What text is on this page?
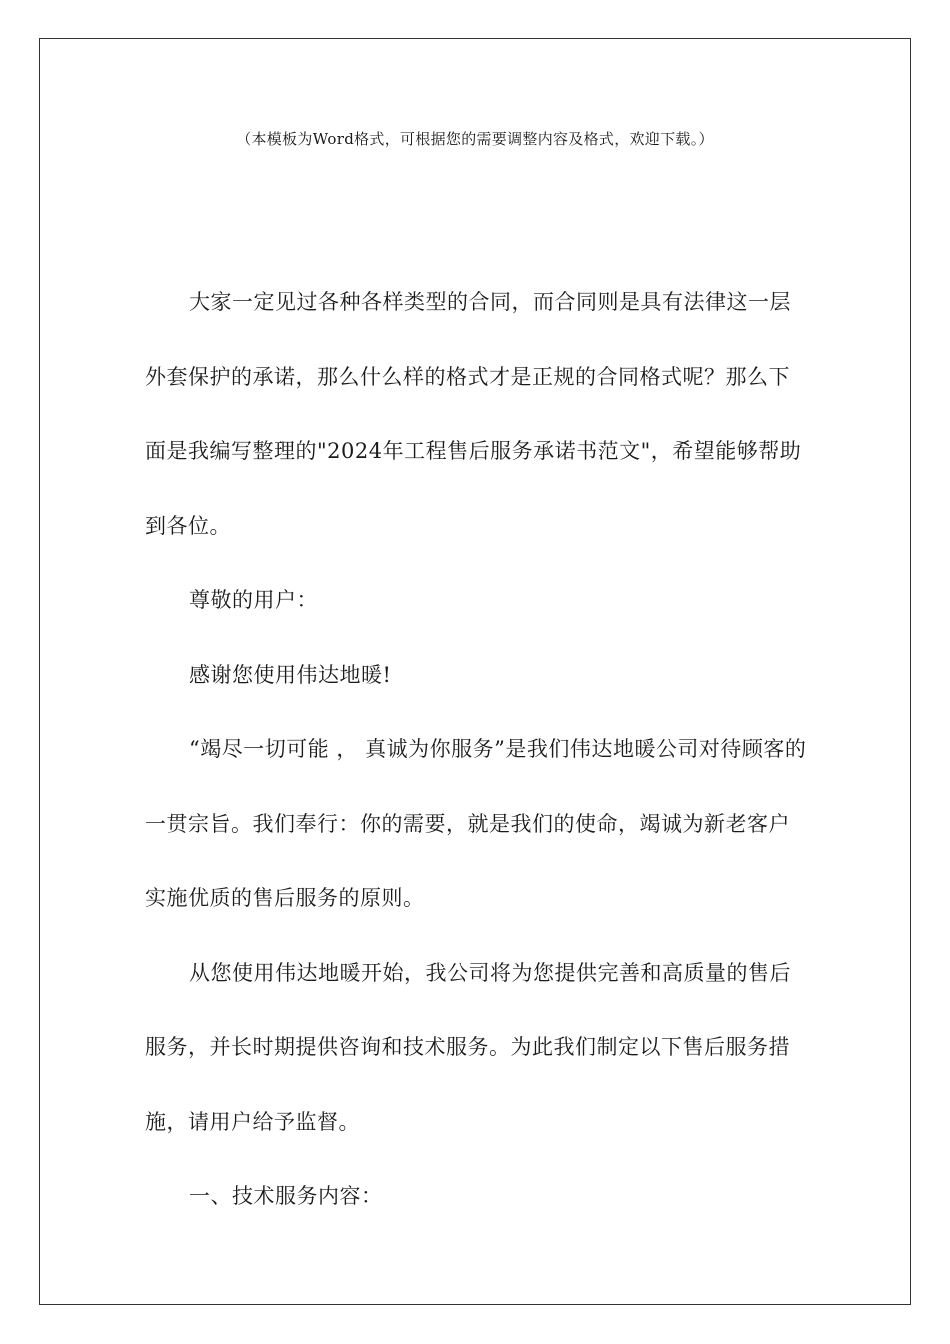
（本模板为Word格式，可根据您的需要调整内容及格式，欢迎下载。）

大家一定见过各种各样类型的合同，而合同则是具有法律这一层外套保护的承诺，那么什么样的格式才是正规的合同格式呢？那么下面是我编写整理的"2024年工程售后服务承诺书范文"，希望能够帮助到各位。

尊敬的用户：

感谢您使用伟达地暖!

“竭尽一切可能 ， 真诚为你服务”是我们伟达地暖公司对待顾客的一贯宗旨。我们奉行：你的需要，就是我们的使命，竭诚为新老客户实施优质的售后服务的原则。

从您使用伟达地暖开始，我公司将为您提供完善和高质量的售后服务，并长时期提供咨询和技术服务。为此我们制定以下售后服务措施，请用户给予监督。

一、技术服务内容：
